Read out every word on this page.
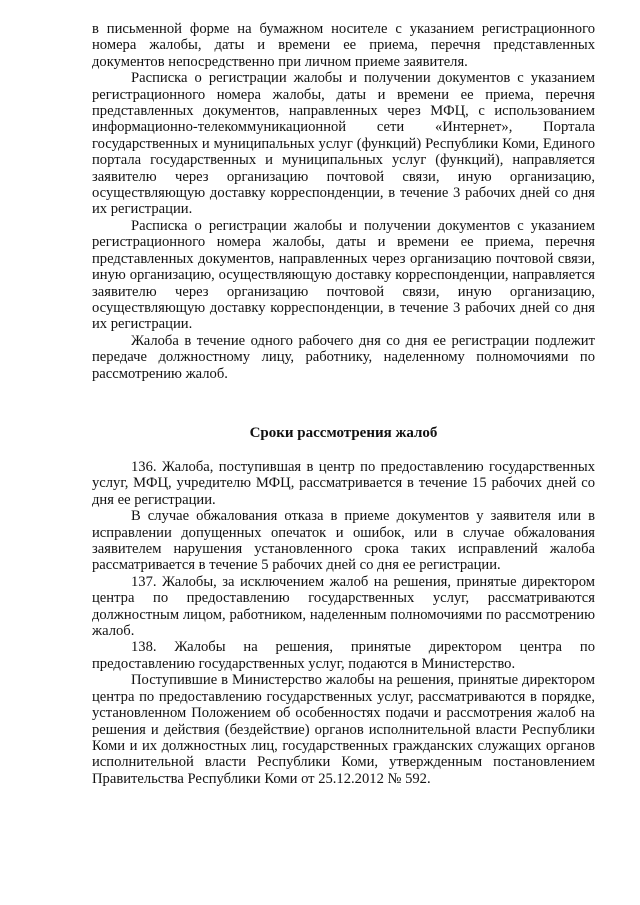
в письменной форме на бумажном носителе с указанием регистрационного номера жалобы, даты и времени ее приема, перечня представленных документов непосредственно при личном приеме заявителя.

Расписка о регистрации жалобы и получении документов с указанием регистрационного номера жалобы, даты и времени ее приема, перечня представленных документов, направленных через МФЦ, с использованием информационно-телекоммуникационной сети «Интернет», Портала государственных и муниципальных услуг (функций) Республики Коми, Единого портала государственных и муниципальных услуг (функций), направляется заявителю через организацию почтовой связи, иную организацию, осуществляющую доставку корреспонденции, в течение 3 рабочих дней со дня их регистрации.

Расписка о регистрации жалобы и получении документов с указанием регистрационного номера жалобы, даты и времени ее приема, перечня представленных документов, направленных через организацию почтовой связи, иную организацию, осуществляющую доставку корреспонденции, направляется заявителю через организацию почтовой связи, иную организацию, осуществляющую доставку корреспонденции, в течение 3 рабочих дней со дня их регистрации.

Жалоба в течение одного рабочего дня со дня ее регистрации подлежит передаче должностному лицу, работнику, наделенному полномочиями по рассмотрению жалоб.

Сроки рассмотрения жалоб

136. Жалоба, поступившая в центр по предоставлению государственных услуг, МФЦ, учредителю МФЦ, рассматривается в течение 15 рабочих дней со дня ее регистрации.

В случае обжалования отказа в приеме документов у заявителя или в исправлении допущенных опечаток и ошибок, или в случае обжалования заявителем нарушения установленного срока таких исправлений жалоба рассматривается в течение 5 рабочих дней со дня ее регистрации.

137. Жалобы, за исключением жалоб на решения, принятые директором центра по предоставлению государственных услуг, рассматриваются должностным лицом, работником, наделенным полномочиями по рассмотрению жалоб.

138. Жалобы на решения, принятые директором центра по предоставлению государственных услуг, подаются в Министерство.

Поступившие в Министерство жалобы на решения, принятые директором центра по предоставлению государственных услуг, рассматриваются в порядке, установленном Положением об особенностях подачи и рассмотрения жалоб на решения и действия (бездействие) органов исполнительной власти Республики Коми и их должностных лиц, государственных гражданских служащих органов исполнительной власти Республики Коми, утвержденным постановлением Правительства Республики Коми от 25.12.2012 № 592.
